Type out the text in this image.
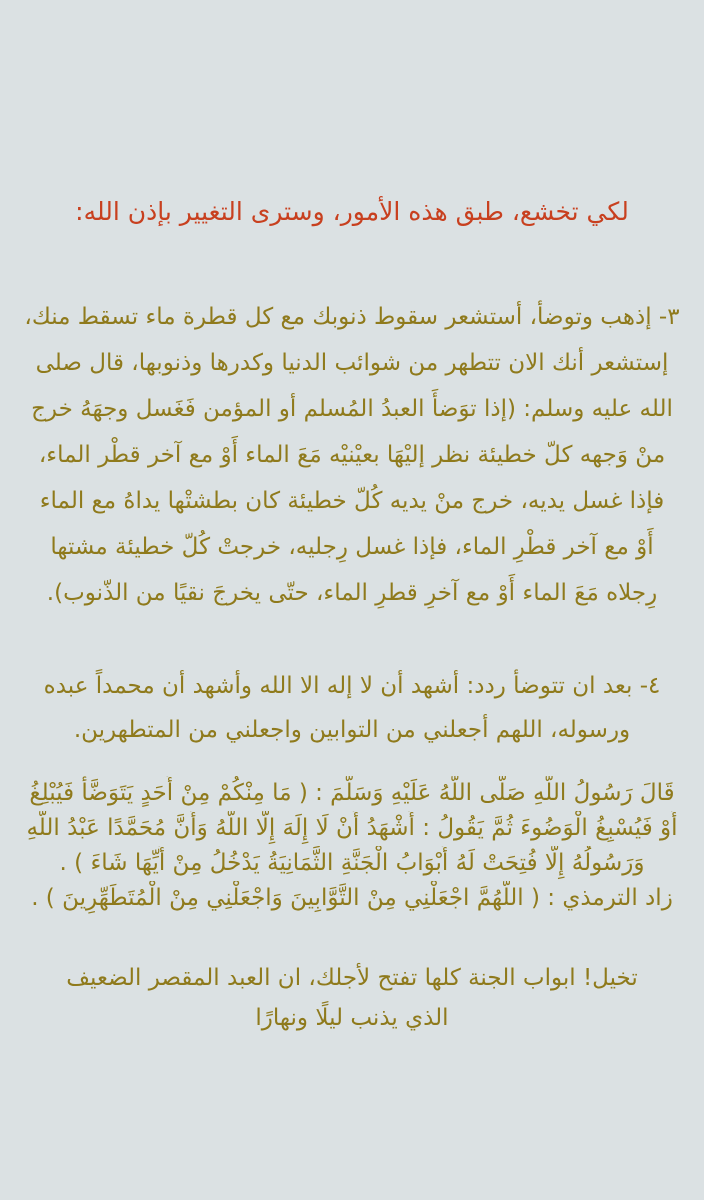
لكي تخشع، طبق هذه الأمور، وسترى التغيير بإذن الله:
٣- إذهب وتوضأ، أستشعر سقوط ذنوبك مع كل قطرة ماء تسقط منك،
إستشعر أنك الان تتطهر من شوائب الدنيا وكدرها وذنوبها، قال صلى
الله عليه وسلم: (إذا توَضأَ العبدُ المُسلم أو المؤمن فَغَسل وجهَهُ خرج
منْ وَجهه كلّ خطيئة نظر إليْهَا بعيْنيْه مَعَ الماء أَوْ مع آخر قطْر الماء،
فإذا غسل يديه، خرج منْ يديه كُلّ خطيئة كان بطشتْها يداهُ مع الماء
أَوْ مع آخر قطْرِ الماء، فإذا غسل رِجليه، خرجتْ كُلّ خطيئة مشتها
رِجلاه مَعَ الماء أَوْ مع آخرِ قطرِ الماء، حتّى يخرجَ نقيًا من الذّنوب).
٤- بعد ان تتوضأ ردد: أشهد أن لا إله الا الله وأشهد أن محمداً عبده
ورسوله، اللهم أجعلني من التوابين واجعلني من المتطهرين.
قَالَ رَسُولُ اللَّهِ صَلَّى اللَّهُ عَلَيْهِ وَسَلَّمَ : ( مَا مِنْكُمْ مِنْ أَحَدٍ يَتَوَضَّأُ فَيُبْلِغُ
أَوْ فَيُسْبِغُ الْوَضُوءَ ثُمَّ يَقُولُ : أَشْهَدُ أَنْ لَا إِلَهَ إِلَّا اللَّهُ وَأَنَّ مُحَمَّدًا عَبْدُ اللَّهِ
وَرَسُولُهُ إِلَّا فُتِحَتْ لَهُ أَبْوَابُ الْجَنَّةِ الثَّمَانِيَةُ يَدْخُلُ مِنْ أَيِّهَا شَاءَ ) .
زاد الترمذي : ( اللَّهُمَّ اجْعَلْنِي مِنْ التَّوَّابِينَ وَاجْعَلْنِي مِنْ الْمُتَطَهِّرِينَ ) .
تخيل! ابواب الجنة كلها تفتح لأجلك، ان العبد المقصر الضعيف
الذي يذنب ليلًا ونهارًا
